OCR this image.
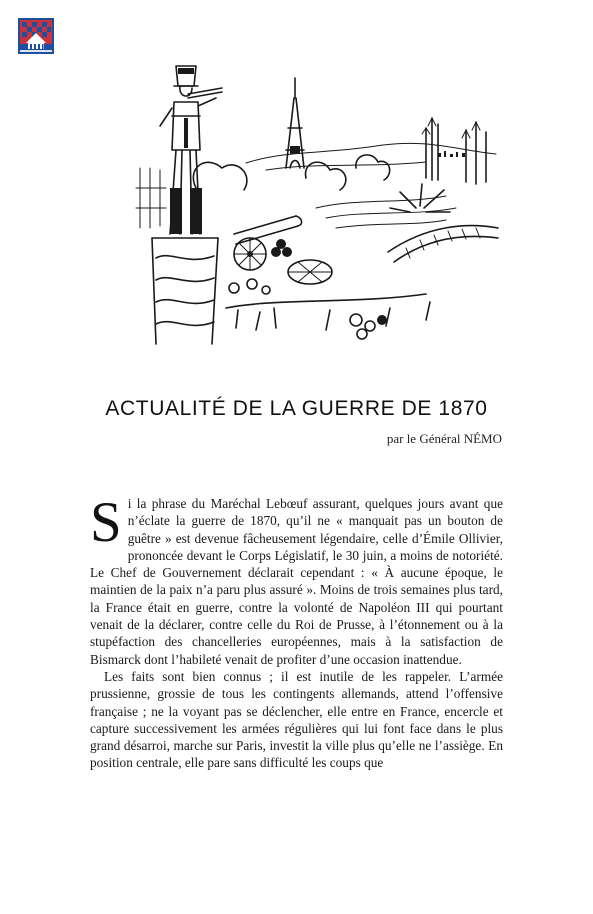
ACTUALITÉ DE LA GUERRE DE 1870
par le Général NÉMO

Si la phrase du Maréchal Lebœuf assurant, quelques jours avant que n’éclate la guerre de 1870, qu’il ne « manquait pas un bouton de guêtre » est devenue fâcheusement légendaire, celle d’Émile Ollivier, prononcée devant le Corps Législatif, le 30 juin, a moins de notoriété. Le Chef de Gouvernement déclarait cependant : « À aucune époque, le maintien de la paix n’a paru plus assuré ». Moins de trois semaines plus tard, la France était en guerre, contre la volonté de Napoléon III qui pourtant venait de la déclarer, contre celle du Roi de Prusse, à l’étonnement ou à la stupéfaction des chancelleries européennes, mais à la satisfaction de Bismarck dont l’habileté venait de profiter d’une occasion inattendue.

Les faits sont bien connus ; il est inutile de les rappeler. L’armée prussienne, grossie de tous les contingents allemands, attend l’offensive française ; ne la voyant pas se déclencher, elle entre en France, encercle et capture successivement les armées régulières qui lui font face dans le plus grand désarroi, marche sur Paris, investit la ville plus qu’elle ne l’assiège. En position centrale, elle pare sans difficulté les coups que
